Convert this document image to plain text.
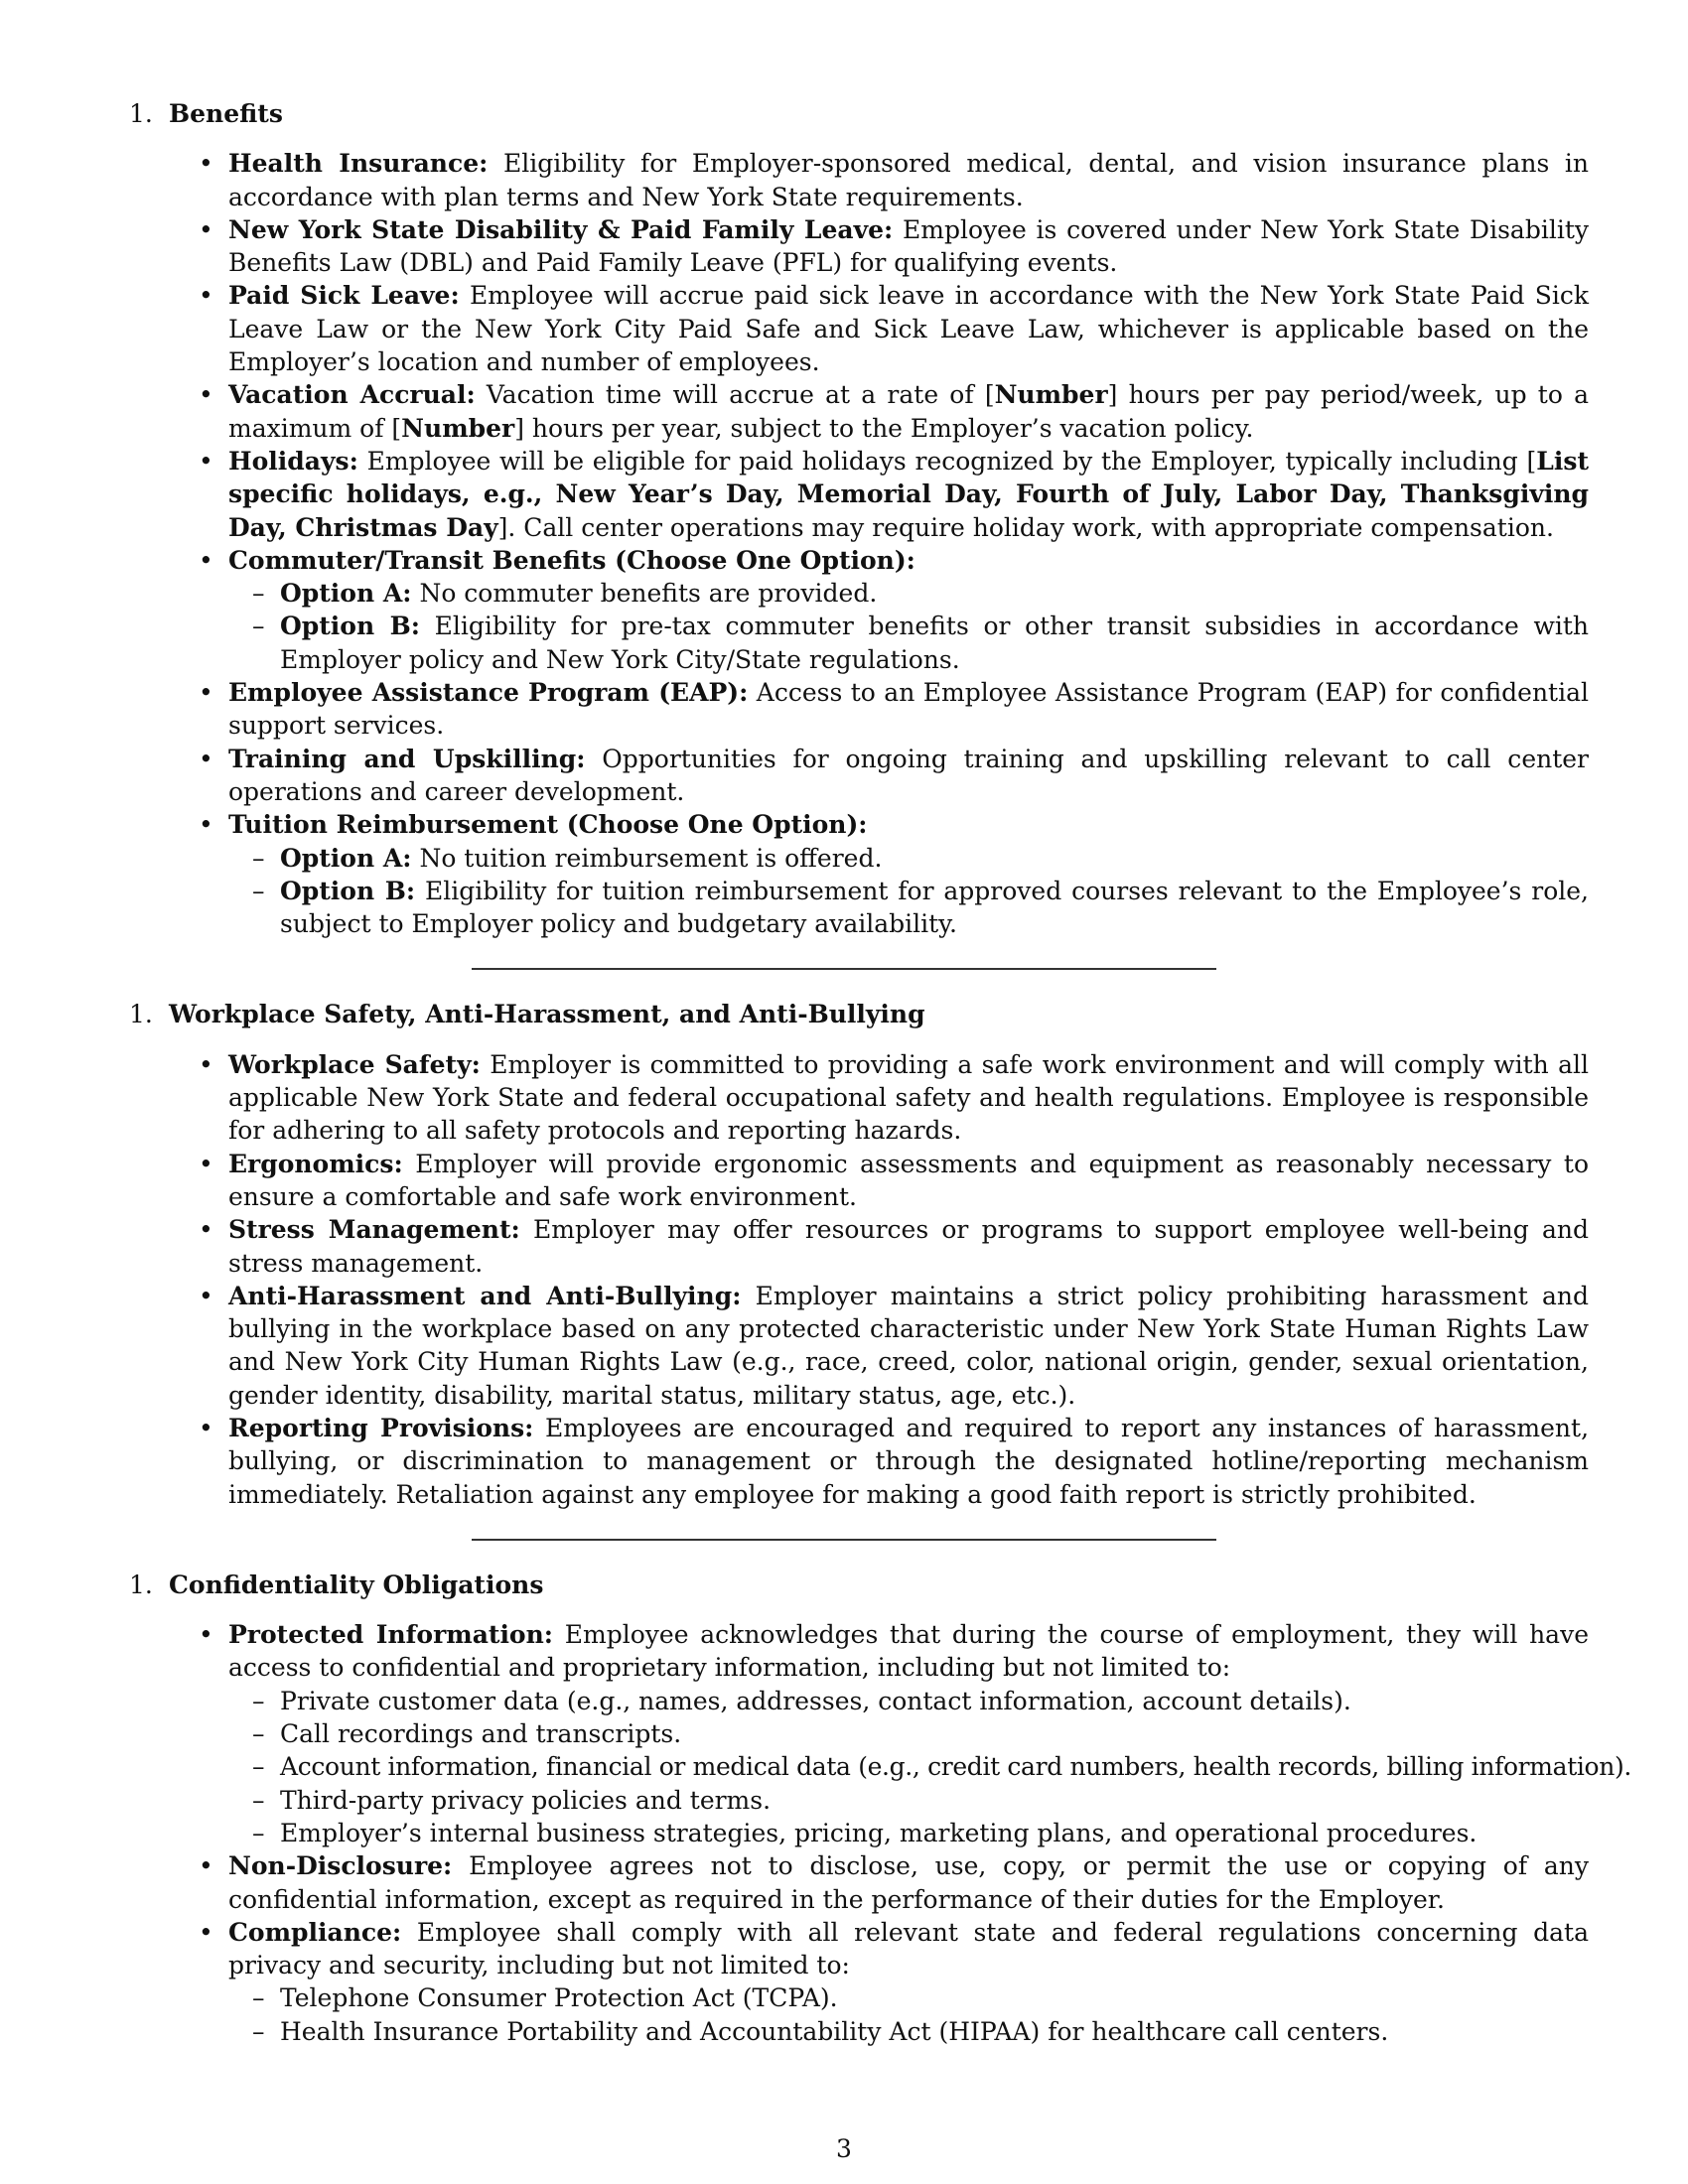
1. Benefits
• Health Insurance: Eligibility for Employer-sponsored medical, dental, and vision insurance plans in accordance with plan terms and New York State requirements.
• New York State Disability & Paid Family Leave: Employee is covered under New York State Disability Benefits Law (DBL) and Paid Family Leave (PFL) for qualifying events.
• Paid Sick Leave: Employee will accrue paid sick leave in accordance with the New York State Paid Sick Leave Law or the New York City Paid Safe and Sick Leave Law, whichever is applicable based on the Employer’s location and number of employees.
• Vacation Accrual: Vacation time will accrue at a rate of [Number] hours per pay period/week, up to a maximum of [Number] hours per year, subject to the Employer’s vacation policy.
• Holidays: Employee will be eligible for paid holidays recognized by the Employer, typically including [List specific holidays, e.g., New Year’s Day, Memorial Day, Fourth of July, Labor Day, Thanksgiving Day, Christmas Day]. Call center operations may require holiday work, with appropriate compensation.
• Commuter/Transit Benefits (Choose One Option):
– Option A: No commuter benefits are provided.
– Option B: Eligibility for pre-tax commuter benefits or other transit subsidies in accordance with Employer policy and New York City/State regulations.
• Employee Assistance Program (EAP): Access to an Employee Assistance Program (EAP) for confidential support services.
• Training and Upskilling: Opportunities for ongoing training and upskilling relevant to call center operations and career development.
• Tuition Reimbursement (Choose One Option):
– Option A: No tuition reimbursement is offered.
– Option B: Eligibility for tuition reimbursement for approved courses relevant to the Employee’s role, subject to Employer policy and budgetary availability.
1. Workplace Safety, Anti-Harassment, and Anti-Bullying
• Workplace Safety: Employer is committed to providing a safe work environment and will comply with all applicable New York State and federal occupational safety and health regulations. Employee is responsible for adhering to all safety protocols and reporting hazards.
• Ergonomics: Employer will provide ergonomic assessments and equipment as reasonably necessary to ensure a comfortable and safe work environment.
• Stress Management: Employer may offer resources or programs to support employee well-being and stress management.
• Anti-Harassment and Anti-Bullying: Employer maintains a strict policy prohibiting harassment and bullying in the workplace based on any protected characteristic under New York State Human Rights Law and New York City Human Rights Law (e.g., race, creed, color, national origin, gender, sexual orientation, gender identity, disability, marital status, military status, age, etc.).
• Reporting Provisions: Employees are encouraged and required to report any instances of harassment, bullying, or discrimination to management or through the designated hotline/reporting mechanism immediately. Retaliation against any employee for making a good faith report is strictly prohibited.
1. Confidentiality Obligations
• Protected Information: Employee acknowledges that during the course of employment, they will have access to confidential and proprietary information, including but not limited to:
– Private customer data (e.g., names, addresses, contact information, account details).
– Call recordings and transcripts.
– Account information, financial or medical data (e.g., credit card numbers, health records, billing information).
– Third-party privacy policies and terms.
– Employer’s internal business strategies, pricing, marketing plans, and operational procedures.
• Non-Disclosure: Employee agrees not to disclose, use, copy, or permit the use or copying of any confidential information, except as required in the performance of their duties for the Employer.
• Compliance: Employee shall comply with all relevant state and federal regulations concerning data privacy and security, including but not limited to:
– Telephone Consumer Protection Act (TCPA).
– Health Insurance Portability and Accountability Act (HIPAA) for healthcare call centers.
3
